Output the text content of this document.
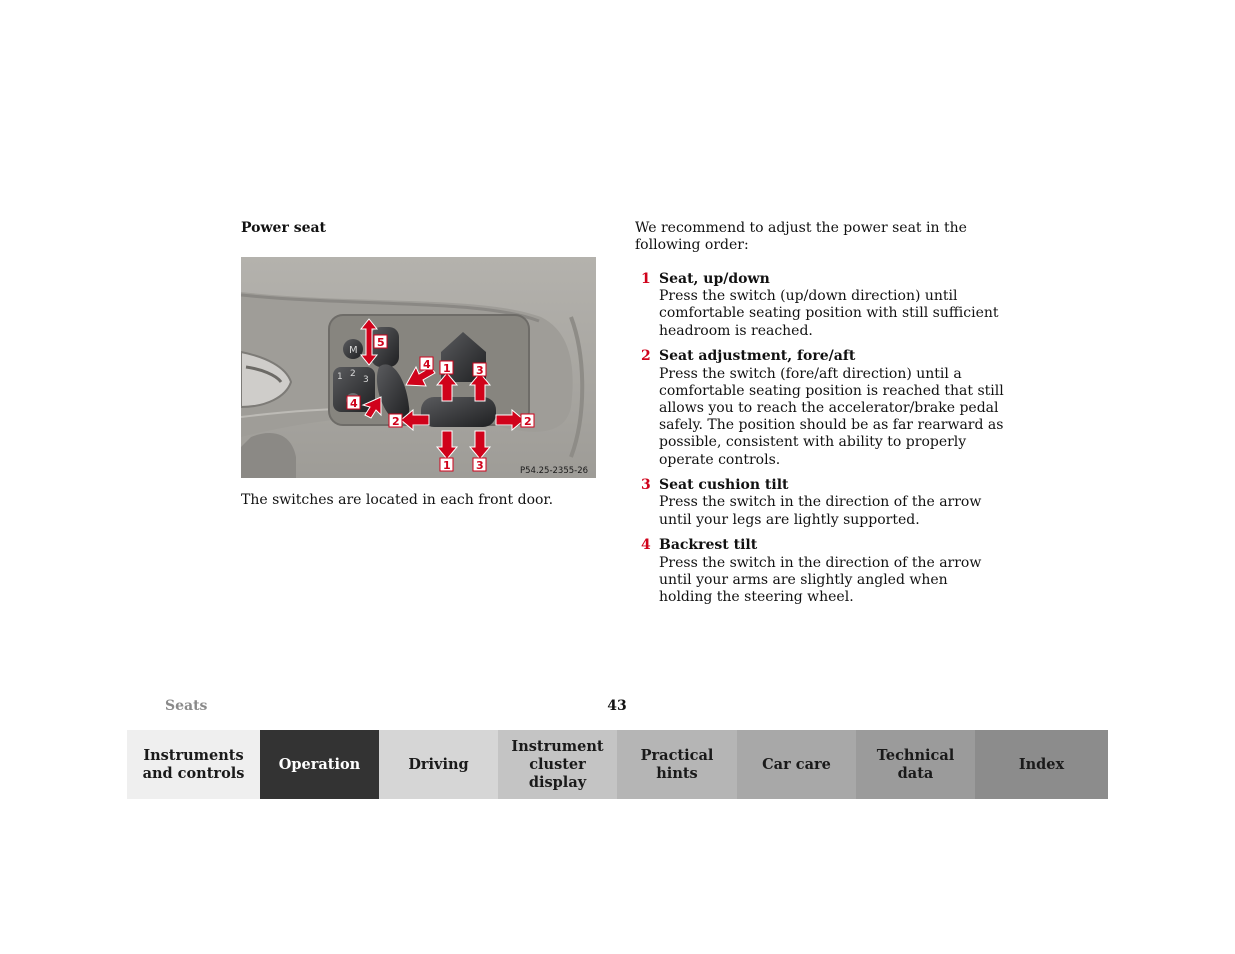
Power seat
M
1 2
3
5
4
4 1 3
2	2
1 3	P54.25-2355-26
The switches are located in each front door.
We recommend to adjust the power seat in the following order:
1 Seat, up/down
Press the switch (up/down direction) until comfortable seating position with still sufficient headroom is reached.
2 Seat adjustment, fore/aft
Press the switch (fore/aft direction) until a comfortable seating position is reached that still allows you to reach the accelerator/brake pedal safely. The position should be as far rearward as possible, consistent with ability to properly operate controls.
3 Seat cushion tilt
Press the switch in the direction of the arrow until your legs are lightly supported.
4 Backrest tilt
Press the switch in the direction of the arrow until your arms are slightly angled when holding the steering wheel.
Seats	43
Instruments
and controls
Operation	Driving
Instrument
cluster display
Practical hints
Car care
Technical
data
Index
